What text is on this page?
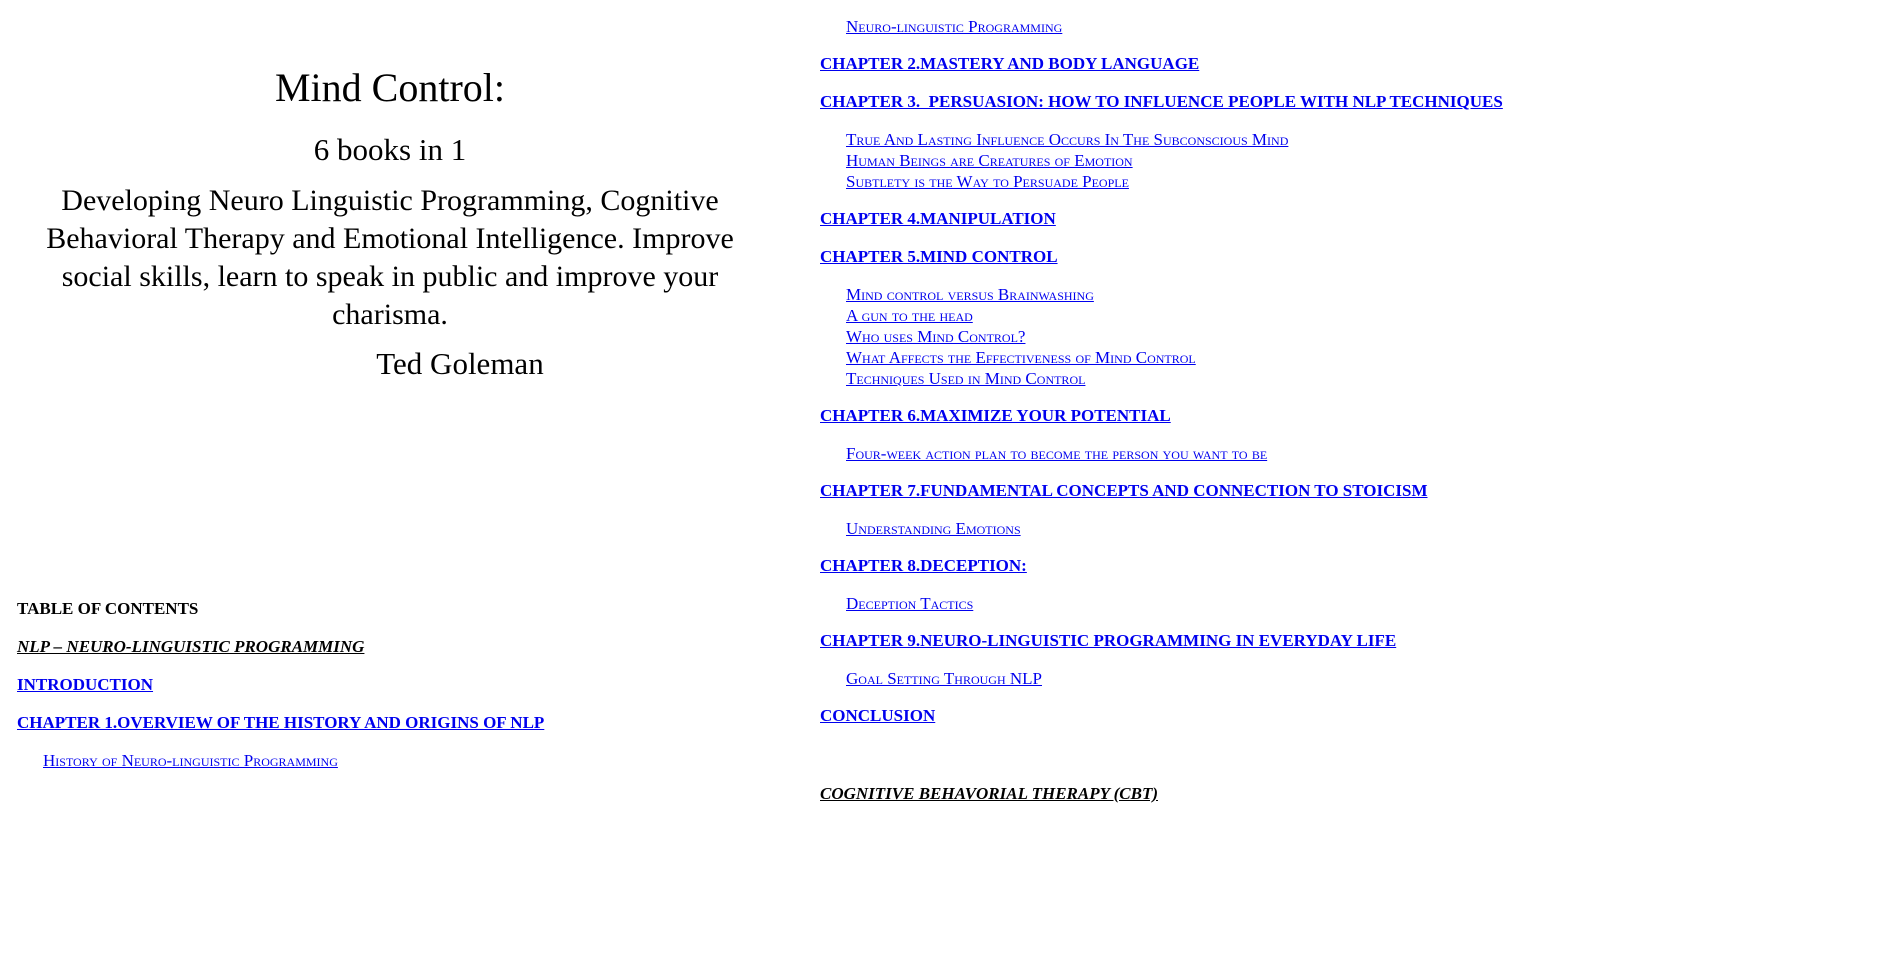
Mind Control:
6 books in 1
Developing Neuro Linguistic Programming, Cognitive Behavioral Therapy and Emotional Intelligence. Improve social skills, learn to speak in public and improve your charisma.
Ted Goleman
TABLE OF CONTENTS
NLP – NEURO-LINGUISTIC PROGRAMMING
INTRODUCTION
CHAPTER 1.OVERVIEW OF THE HISTORY AND ORIGINS OF NLP
History of Neuro-linguistic Programming
Neuro-linguistic Programming
CHAPTER 2.MASTERY AND BODY LANGUAGE
CHAPTER 3.  PERSUASION: HOW TO INFLUENCE PEOPLE WITH NLP TECHNIQUES
True And Lasting Influence Occurs In The Subconscious Mind
Human Beings are Creatures of Emotion
Subtlety is the Way to Persuade People
CHAPTER 4.MANIPULATION
CHAPTER 5.MIND CONTROL
Mind control versus Brainwashing
A gun to the head
Who uses Mind Control?
What Affects the Effectiveness of Mind Control
Techniques Used in Mind Control
CHAPTER 6.MAXIMIZE YOUR POTENTIAL
Four-week action plan to become the person you want to be
CHAPTER 7.FUNDAMENTAL CONCEPTS AND CONNECTION TO STOICISM
Understanding Emotions
CHAPTER 8.DECEPTION:
Deception Tactics
CHAPTER 9.NEURO-LINGUISTIC PROGRAMMING IN EVERYDAY LIFE
Goal Setting Through NLP
CONCLUSION
COGNITIVE BEHAVORIAL THERAPY (CBT)
